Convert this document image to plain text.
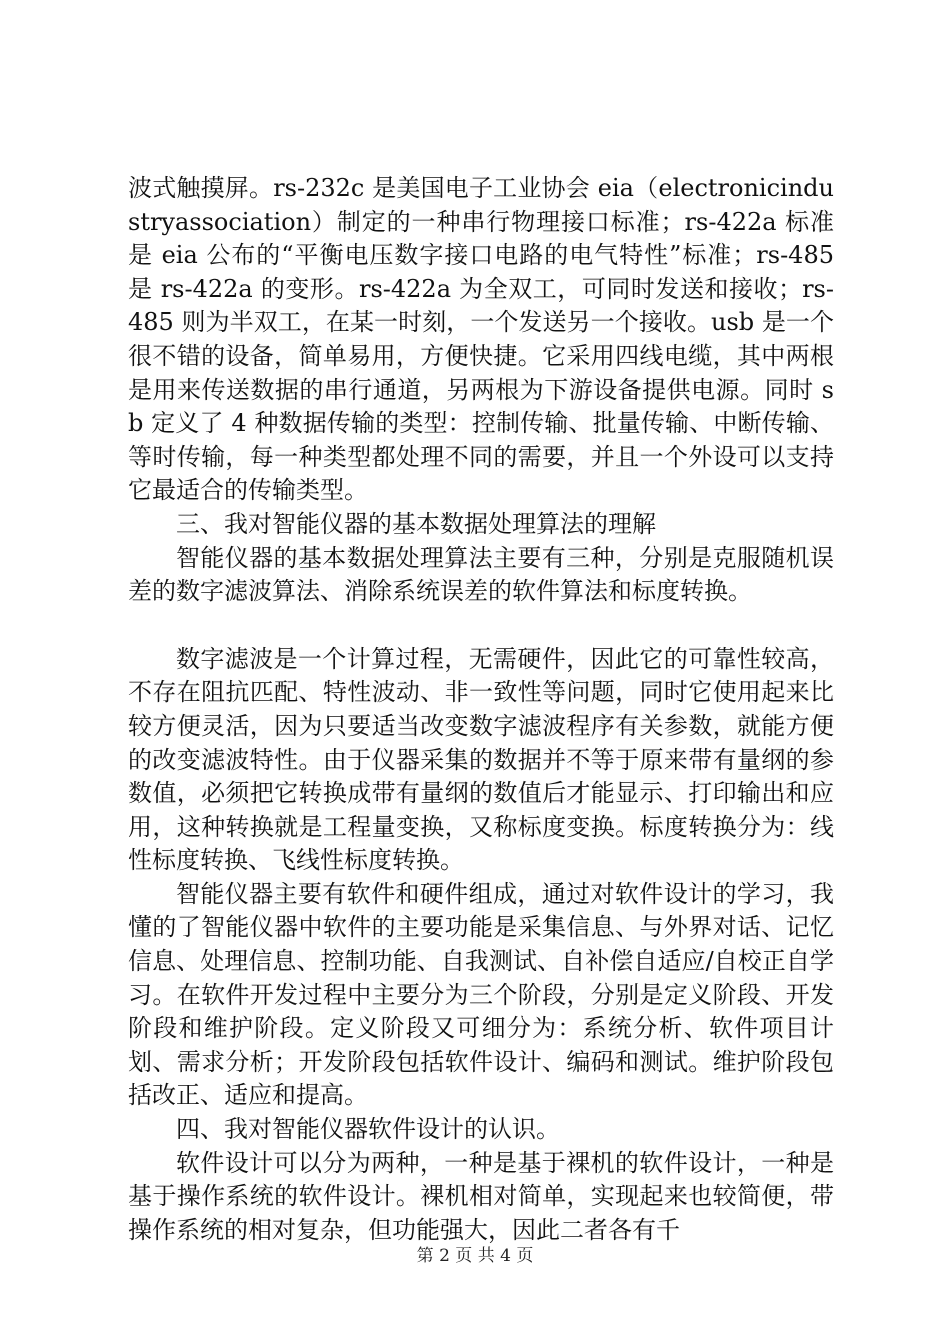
波式触摸屏。rs-232c 是美国电子工业协会 eia（electronicindustryassociation）制定的一种串行物理接口标准；rs-422a 标准是 eia 公布的“平衡电压数字接口电路的电气特性”标准；rs-485 是 rs-422a 的变形。rs-422a 为全双工，可同时发送和接收；rs-485 则为半双工，在某一时刻，一个发送另一个接收。usb 是一个很不错的设备，简单易用，方便快捷。它采用四线电缆，其中两根是用来传送数据的串行通道，另两根为下游设备提供电源。同时 sb 定义了 4 种数据传输的类型：控制传输、批量传输、中断传输、等时传输，每一种类型都处理不同的需要，并且一个外设可以支持它最适合的传输类型。

三、我对智能仪器的基本数据处理算法的理解

智能仪器的基本数据处理算法主要有三种，分别是克服随机误差的数字滤波算法、消除系统误差的软件算法和标度转换。

数字滤波是一个计算过程，无需硬件，因此它的可靠性较高，不存在阻抗匹配、特性波动、非一致性等问题，同时它使用起来比较方便灵活，因为只要适当改变数字滤波程序有关参数，就能方便的改变滤波特性。由于仪器采集的数据并不等于原来带有量纲的参数值，必须把它转换成带有量纲的数值后才能显示、打印输出和应用，这种转换就是工程量变换，又称标度变换。标度转换分为：线性标度转换、飞线性标度转换。

智能仪器主要有软件和硬件组成，通过对软件设计的学习，我懂的了智能仪器中软件的主要功能是采集信息、与外界对话、记忆信息、处理信息、控制功能、自我测试、自补偿自适应/自校正自学习。在软件开发过程中主要分为三个阶段，分别是定义阶段、开发阶段和维护阶段。定义阶段又可细分为：系统分析、软件项目计划、需求分析；开发阶段包括软件设计、编码和测试。维护阶段包括改正、适应和提高。

四、我对智能仪器软件设计的认识。

软件设计可以分为两种，一种是基于裸机的软件设计，一种是基于操作系统的软件设计。裸机相对简单，实现起来也较简便，带操作系统的相对复杂，但功能强大，因此二者各有千

第 2 页 共 4 页
